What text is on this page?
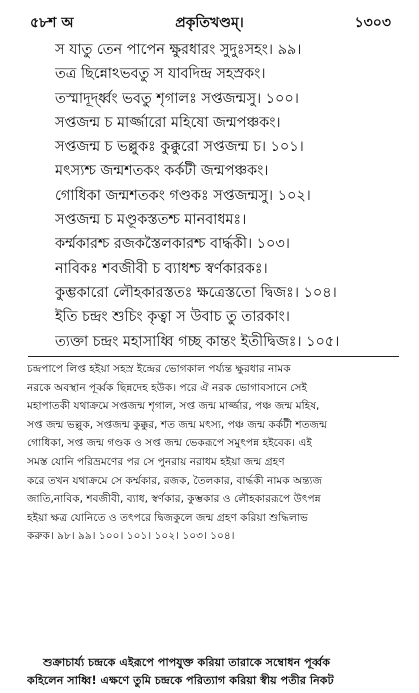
৫৮শ অ	প্রকৃতিখণ্ডম্।	১৩০৩
স যাতু তেন পাপেন ক্ষুরধারং সুদুঃসহং। ৯৯।
তত্র ছিন্নোঽভবতু স যাবদিন্দ্র সহস্রকং।
তস্মাদূর্দ্ধ্বং ভবতু শৃগালঃ সপ্তজন্মসু। ১০০।
সপ্তজন্ম চ মার্জ্জারো মহিষো জন্মপঞ্চকং।
সপ্তজন্ম চ ভল্লুকঃ কুক্কুরো সপ্তজন্ম চ। ১০১।
মৎস্যশ্চ জন্মশতকং কর্কটী জন্মপঞ্চকং।
গোধিকা জন্মশতকং গণ্ডকঃ সপ্তজন্মসু। ১০২।
সপ্তজন্ম চ মণ্ডূকস্ততশ্চ মানবাধমঃ।
কর্ম্মকারশ্চ রজকস্তৈলকারশ্চ বার্দ্ধকী। ১০৩।
নাবিকঃ শবজীবী চ ব্যাধশ্চ স্বর্ণকারকঃ।
কুম্ভকারো লৌহকারস্ততঃ ক্ষত্রেস্ততো দ্বিজঃ। ১০৪।
ইতি চন্দ্রং শুচিং কৃত্বা স উবাচ তু তারকাং।
ত্যক্তা চন্দ্রং মহাসাধ্বি গচ্ছ কান্তং ইতীদ্বিজঃ। ১০৫।
চন্দ্রপাপে লিপ্ত হইয়া সহস্র ইন্দ্রের ভোগকাল পর্য্যন্ত ক্ষুরধার নামক
নরকে অবস্থান পূর্ব্বক ছিন্নদেহ হউক। পরে ঐ নরক ভোগাবসানে সেই
মহাপাতকী যথাক্রমে সপ্তজন্ম শৃগাল, সপ্ত জন্ম মার্জ্জার, পঞ্চ জন্ম মহিষ,
সপ্ত জন্ম ভল্লুক, সপ্তজন্ম কুক্কুর, শত জন্ম মৎস্য, পঞ্চ জন্ম কর্কটী শতজন্ম
গোধিকা, সপ্ত জন্ম গণ্ডক ও সপ্ত জন্ম ভেকরূপে সমুৎপন্ন হইবেক। এই
সমস্ত যোনি পরিভ্রমণের পর সে পুনরায় নরাধম হইয়া জন্ম গ্রহণ
করে তখন যথাক্রমে সে কর্ম্মকার, রজক, তৈলকার, বার্দ্ধকী নামক অন্ত্যজ
জাতি,নাবিক, শবজীবী, ব্যাধ, স্বর্ণকার, কুম্ভকার ও লৌহকাররূপে উৎপন্ন
হইয়া ক্ষত্র যোনিতে ও তৎপরে দ্বিজকুলে জন্ম গ্রহণ করিয়া শুদ্ধিলাভ
করুক। ৯৮। ৯৯। ১০০। ১০১। ১০২। ১০৩। ১০৪।
শুক্রাচার্য্য চন্দ্রকে এইরূপে পাপযুক্ত করিয়া তারাকে সম্বোধন পূর্ব্বক
কহিলেন সাধ্বি! এক্ষণে তুমি চন্দ্রকে পরিত্যাগ করিয়া স্বীয় পতীর নিকট
